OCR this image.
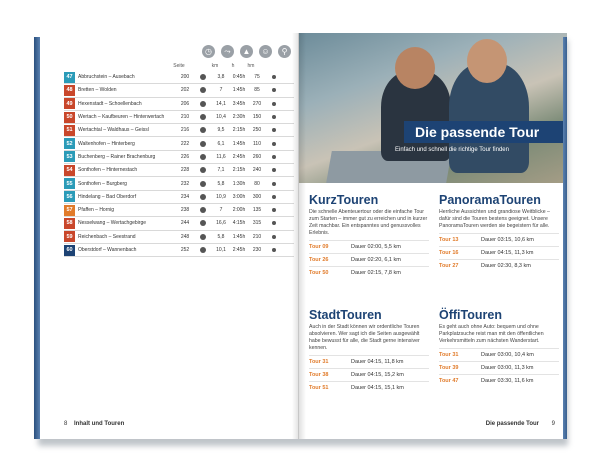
◷	⤳	▲	☺	⚲
Seite	km	h	hm
47	Abbruchstein – Ausebach	200	3,8	0:45h	75
48	Bretten – Wolden	202	7	1:45h	85
49	Hexenstadt – Schoellenbach	206	14,1	3:45h	270
50	Wertach – Kaufbeuren – Hinterwertach	210	10,4	2:30h	150
51	Wertachtal – Waldhaus – Geissl	216	9,5	2:15h	250
52	Waltenhofen – Hinterberg	222	6,1	1:45h	110
53	Buchenberg – Rainer Brachenburg	226	11,6	2:45h	260
54	Sonthofen – Hinternestach	228	7,1	2:15h	240
55	Sonthofen – Burgberg	232	5,8	1:30h	80
56	Hindelang – Bad Oberdorf	234	10,9	3:00h	300
57	Pfaffen – Hornig	238	7	2:00h	135
58	Nesselwang – Wertachgebirge	244	16,6	4:15h	315
59	Reichenbach – Seestrand	248	5,8	1:45h	210
60	Oberstdorf – Wannenbach	252	10,1	2:45h	230
8 Inhalt und Touren
Die passende Tour
Einfach und schnell die richtige Tour finden
KurzTouren

Die schnelle Abenteuertour oder die einfache Tour zum Starten – immer gut zu erreichen und in kurzer Zeit machbar. Ein entspanntes und genussvolles Erlebnis.

Tour 09	Dauer 02:00, 5,5 km
Tour 26	Dauer 02:20, 6,1 km
Tour 50	Dauer 02:15, 7,8 km
PanoramaTouren

Herrliche Aussichten und grandiose Weitblicke – dafür sind die Touren bestens geeignet. Unsere PanoramaTouren werden sie begeistern für alle.

Tour 13	Dauer 03:15, 10,6 km
Tour 16	Dauer 04:15, 11,3 km
Tour 27	Dauer 02:30, 8,3 km
StadtTouren

Auch in der Stadt können wir ordentliche Touren absolvieren. Wer sagt ich die Seiten ausgewählt habe bewusst für alle, die Stadt gerne intensiver kennen.

Tour 31	Dauer 04:15, 11,8 km
Tour 38	Dauer 04:15, 15,2 km
Tour 51	Dauer 04:15, 15,1 km
ÖffiTouren

Es geht auch ohne Auto: bequem und ohne Parkplatzsuche reist man mit den öffentlichen Verkehrsmitteln zum nächsten Wanderstart.

Tour 31	Dauer 03:00, 10,4 km
Tour 39	Dauer 03:00, 11,3 km
Tour 47	Dauer 03:30, 11,6 km
Die passende Tour 9
